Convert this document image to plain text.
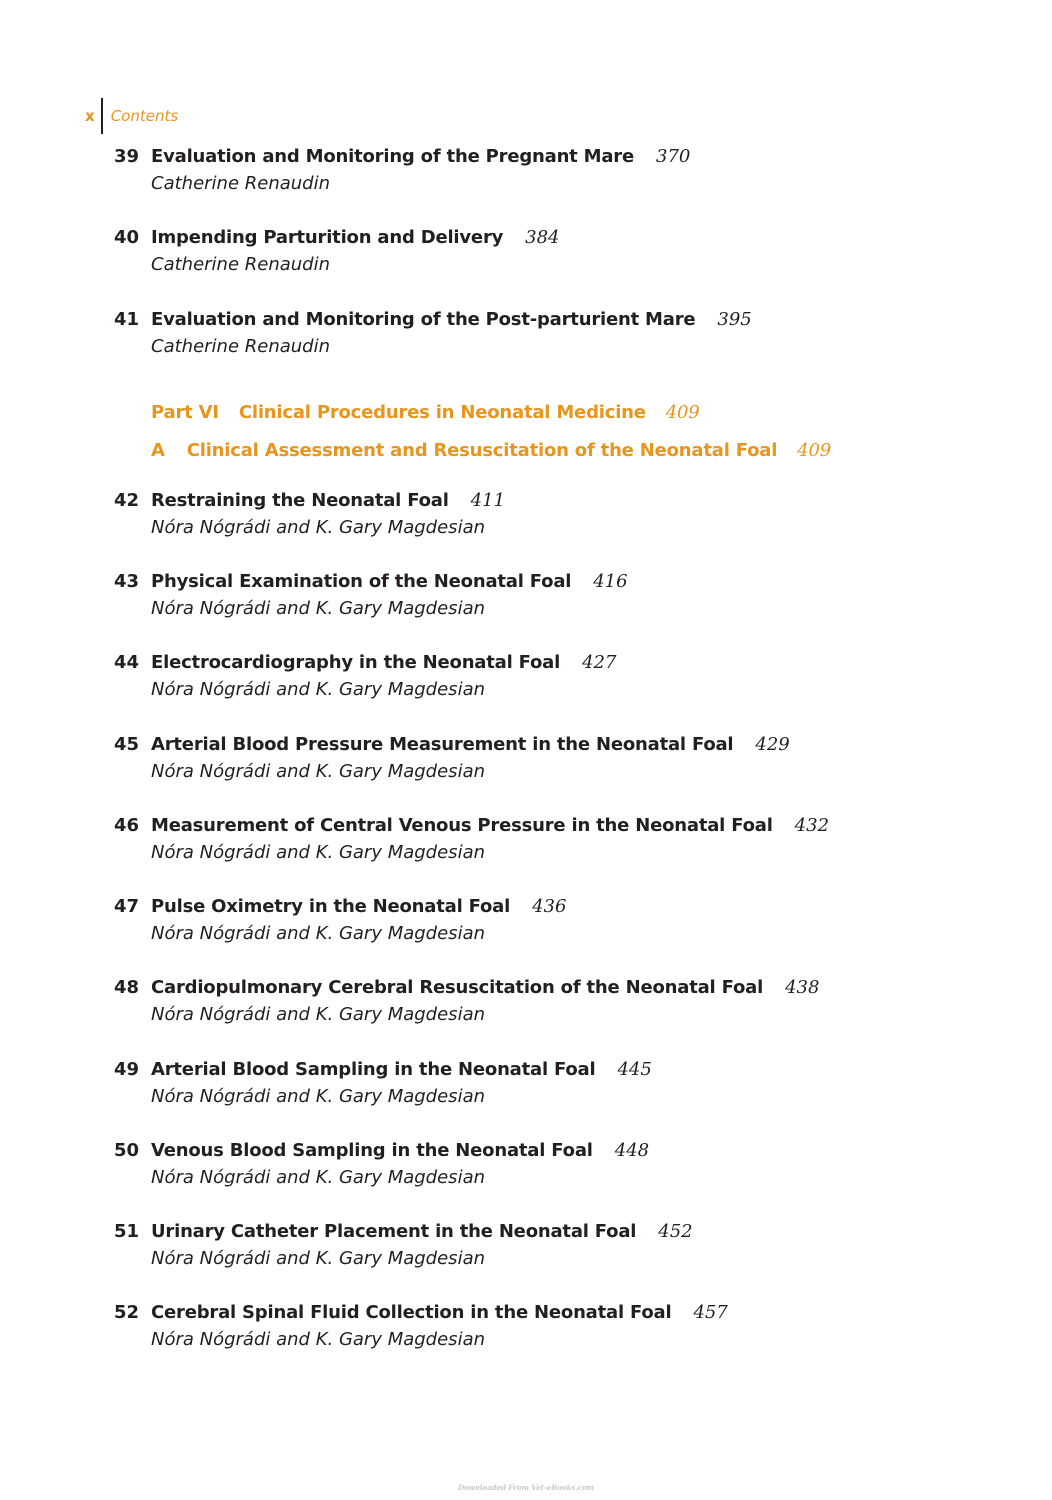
x	Contents
39 Evaluation and Monitoring of the Pregnant Mare 370
Catherine Renaudin
40 Impending Parturition and Delivery 384
Catherine Renaudin
41 Evaluation and Monitoring of the Post-parturient Mare 395
Catherine Renaudin
Part VI Clinical Procedures in Neonatal Medicine 409
A Clinical Assessment and Resuscitation of the Neonatal Foal 409
42 Restraining the Neonatal Foal 411
Nóra Nógrádi and K. Gary Magdesian
43 Physical Examination of the Neonatal Foal 416
Nóra Nógrádi and K. Gary Magdesian
44 Electrocardiography in the Neonatal Foal 427
Nóra Nógrádi and K. Gary Magdesian
45 Arterial Blood Pressure Measurement in the Neonatal Foal 429
Nóra Nógrádi and K. Gary Magdesian
46 Measurement of Central Venous Pressure in the Neonatal Foal 432
Nóra Nógrádi and K. Gary Magdesian
47 Pulse Oximetry in the Neonatal Foal 436
Nóra Nógrádi and K. Gary Magdesian
48 Cardiopulmonary Cerebral Resuscitation of the Neonatal Foal 438
Nóra Nógrádi and K. Gary Magdesian
49 Arterial Blood Sampling in the Neonatal Foal 445
Nóra Nógrádi and K. Gary Magdesian
50 Venous Blood Sampling in the Neonatal Foal 448
Nóra Nógrádi and K. Gary Magdesian
51 Urinary Catheter Placement in the Neonatal Foal 452
Nóra Nógrádi and K. Gary Magdesian
52 Cerebral Spinal Fluid Collection in the Neonatal Foal 457
Nóra Nógrádi and K. Gary Magdesian
Downloaded From Vet-eBooks.com
